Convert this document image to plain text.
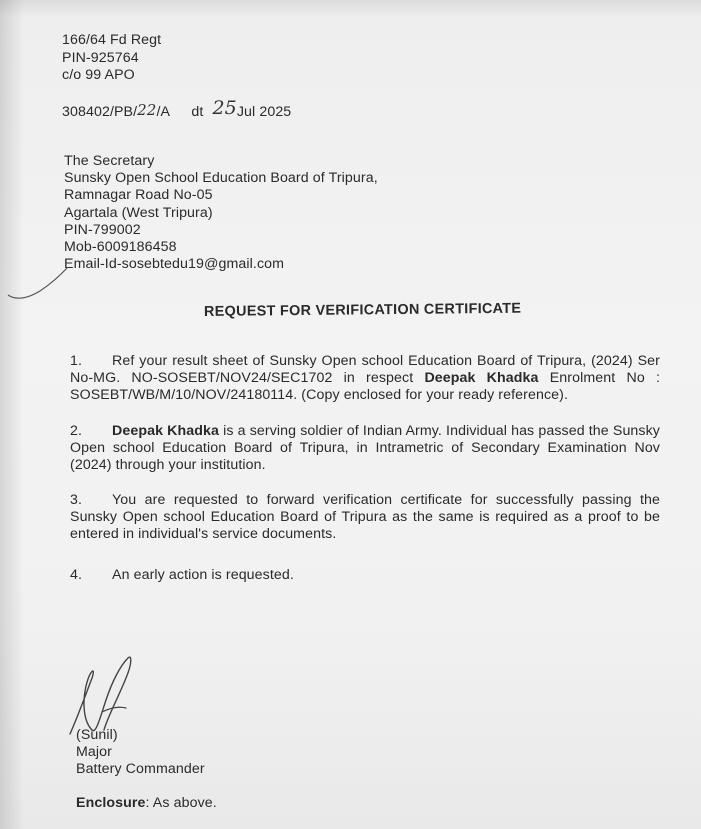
166/64 Fd Regt
PIN-925764
c/o 99 APO
308402/PB/22/A dt 25Jul 2025
The Secretary
Sunsky Open School Education Board of Tripura,
Ramnagar Road No-05
Agartala (West Tripura)
PIN-799002
Mob-6009186458
Email-Id-sosebtedu19@gmail.com
REQUEST FOR VERIFICATION CERTIFICATE
1. Ref your result sheet of Sunsky Open school Education Board of Tripura, (2024) Ser No-MG. NO-SOSEBT/NOV24/SEC1702 in respect Deepak Khadka Enrolment No : SOSEBT/WB/M/10/NOV/24180114. (Copy enclosed for your ready reference).
2. Deepak Khadka is a serving soldier of Indian Army. Individual has passed the Sunsky Open school Education Board of Tripura, in Intrametric of Secondary Examination Nov (2024) through your institution.
3. You are requested to forward verification certificate for successfully passing the Sunsky Open school Education Board of Tripura as the same is required as a proof to be entered in individual's service documents.
4. An early action is requested.
(Sunil)
Major
Battery Commander
Enclosure: As above.
